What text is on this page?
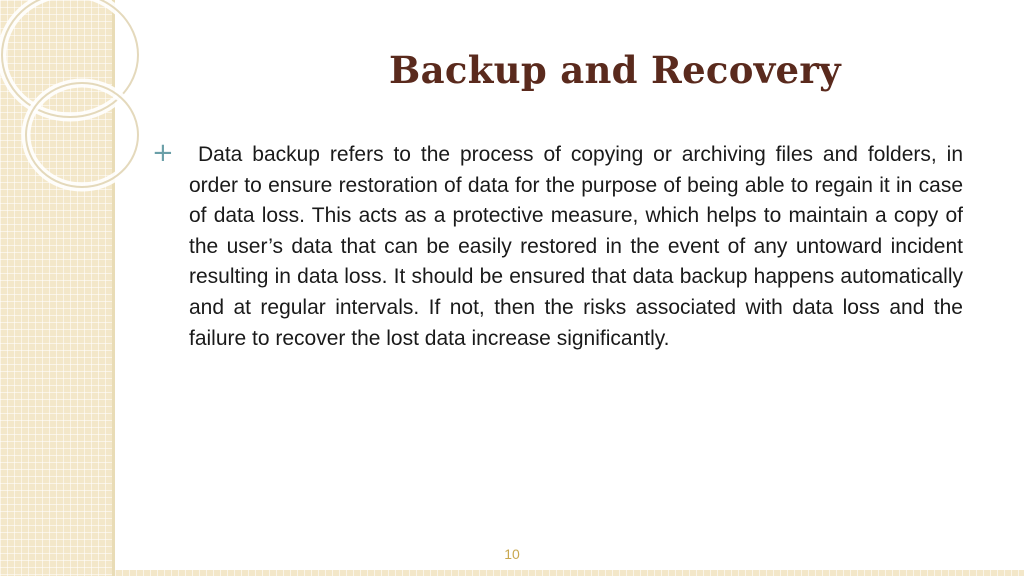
Backup and Recovery
+	Data backup refers to the process of copying or archiving files and folders, in order to ensure restoration of data for the purpose of being able to regain it in case of data loss. This acts as a protective measure, which helps to maintain a copy of the user’s data that can be easily restored in the event of any untoward incident resulting in data loss. It should be ensured that data backup happens automatically and at regular intervals. If not, then the risks associated with data loss and the failure to recover the lost data increase significantly.

10
